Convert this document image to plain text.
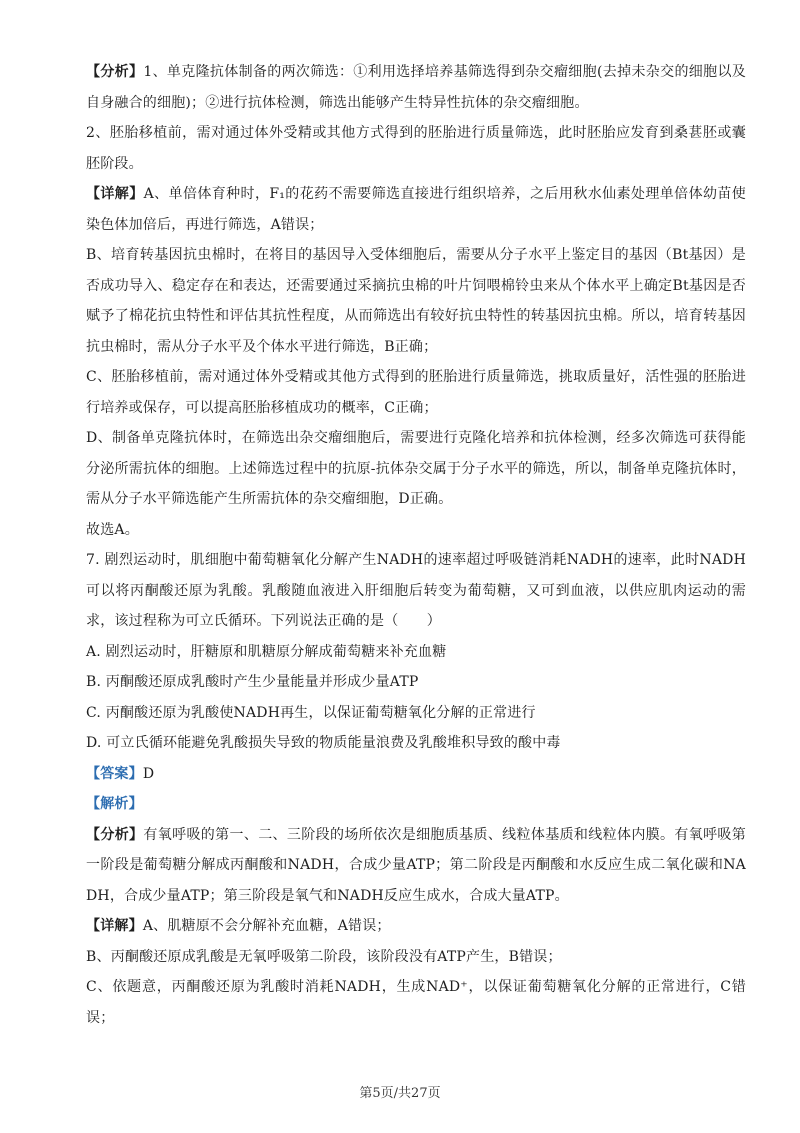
【分析】1、单克隆抗体制备的两次筛选：①利用选择培养基筛选得到杂交瘤细胞(去掉未杂交的细胞以及自身融合的细胞)；②进行抗体检测，筛选出能够产生特异性抗体的杂交瘤细胞。

2、胚胎移植前，需对通过体外受精或其他方式得到的胚胎进行质量筛选，此时胚胎应发育到桑葚胚或囊胚阶段。

【详解】A、单倍体育种时，F₁的花药不需要筛选直接进行组织培养，之后用秋水仙素处理单倍体幼苗使染色体加倍后，再进行筛选，A错误；

B、培育转基因抗虫棉时，在将目的基因导入受体细胞后，需要从分子水平上鉴定目的基因（Bt基因）是否成功导入、稳定存在和表达，还需要通过采摘抗虫棉的叶片饲喂棉铃虫来从个体水平上确定Bt基因是否赋予了棉花抗虫特性和评估其抗性程度，从而筛选出有较好抗虫特性的转基因抗虫棉。所以，培育转基因抗虫棉时，需从分子水平及个体水平进行筛选，B正确；

C、胚胎移植前，需对通过体外受精或其他方式得到的胚胎进行质量筛选，挑取质量好，活性强的胚胎进行培养或保存，可以提高胚胎移植成功的概率，C正确；

D、制备单克隆抗体时，在筛选出杂交瘤细胞后，需要进行克隆化培养和抗体检测，经多次筛选可获得能分泌所需抗体的细胞。上述筛选过程中的抗原-抗体杂交属于分子水平的筛选，所以，制备单克隆抗体时，需从分子水平筛选能产生所需抗体的杂交瘤细胞，D正确。

故选A。

7. 剧烈运动时，肌细胞中葡萄糖氧化分解产生NADH的速率超过呼吸链消耗NADH的速率，此时NADH可以将丙酮酸还原为乳酸。乳酸随血液进入肝细胞后转变为葡萄糖，又可到血液，以供应肌肉运动的需求，该过程称为可立氏循环。下列说法正确的是（　　）

A. 剧烈运动时，肝糖原和肌糖原分解成葡萄糖来补充血糖

B. 丙酮酸还原成乳酸时产生少量能量并形成少量ATP

C. 丙酮酸还原为乳酸使NADH再生，以保证葡萄糖氧化分解的正常进行

D. 可立氏循环能避免乳酸损失导致的物质能量浪费及乳酸堆积导致的酸中毒

【答案】D

【解析】

【分析】有氧呼吸的第一、二、三阶段的场所依次是细胞质基质、线粒体基质和线粒体内膜。有氧呼吸第一阶段是葡萄糖分解成丙酮酸和NADH，合成少量ATP；第二阶段是丙酮酸和水反应生成二氧化碳和NADH，合成少量ATP；第三阶段是氧气和NADH反应生成水，合成大量ATP。

【详解】A、肌糖原不会分解补充血糖，A错误；

B、丙酮酸还原成乳酸是无氧呼吸第二阶段，该阶段没有ATP产生，B错误；

C、依题意，丙酮酸还原为乳酸时消耗NADH，生成NAD⁺，以保证葡萄糖氧化分解的正常进行，C错误；

第5页/共27页
